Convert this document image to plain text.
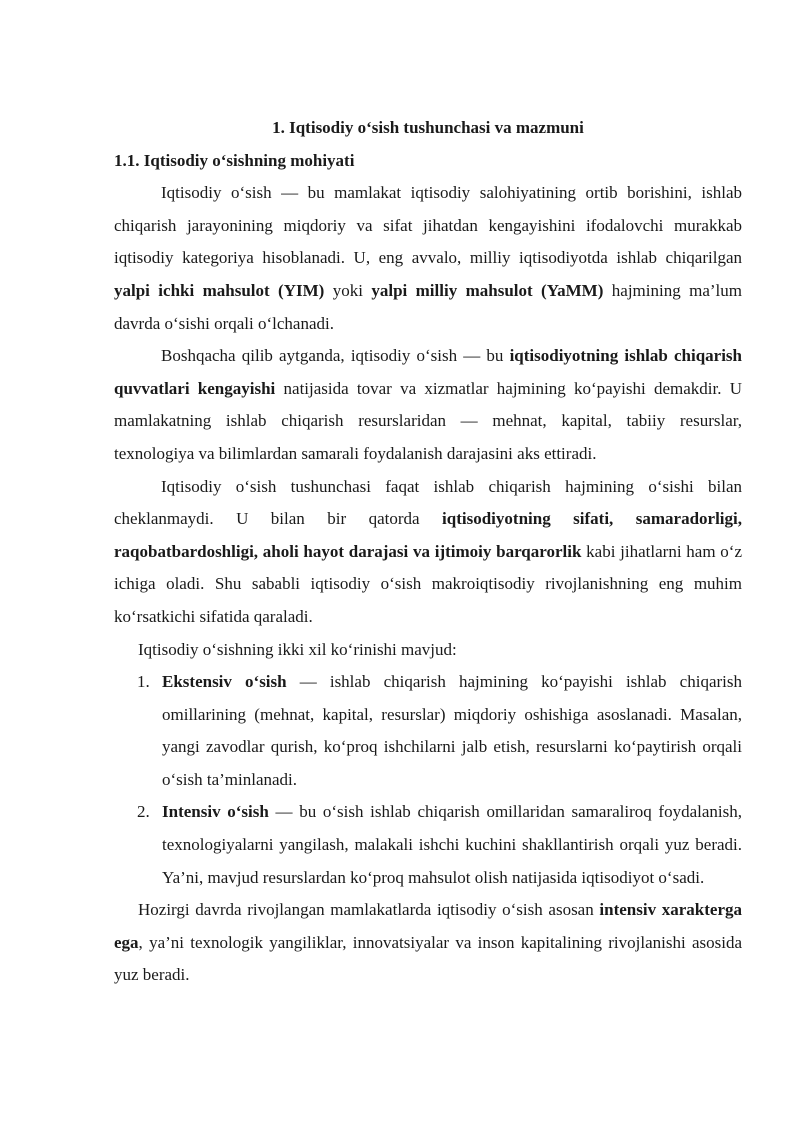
1. Iqtisodiy o‘sish tushunchasi va mazmuni

1.1. Iqtisodiy o‘sishning mohiyati

Iqtisodiy o‘sish — bu mamlakat iqtisodiy salohiyatining ortib borishini, ishlab chiqarish jarayonining miqdoriy va sifat jihatdan kengayishini ifodalovchi murakkab iqtisodiy kategoriya hisoblanadi. U, eng avvalo, milliy iqtisodiyotda ishlab chiqarilgan yalpi ichki mahsulot (YIM) yoki yalpi milliy mahsulot (YaMM) hajmining ma’lum davrda o‘sishi orqali o‘lchanadi.

Boshqacha qilib aytganda, iqtisodiy o‘sish — bu iqtisodiyotning ishlab chiqarish quvvatlari kengayishi natijasida tovar va xizmatlar hajmining ko‘payishi demakdir. U mamlakatning ishlab chiqarish resurslaridan — mehnat, kapital, tabiiy resurslar, texnologiya va bilimlardan samarali foydalanish darajasini aks ettiradi.

Iqtisodiy o‘sish tushunchasi faqat ishlab chiqarish hajmining o‘sishi bilan cheklanmaydi. U bilan bir qatorda iqtisodiyotning sifati, samaradorligi, raqobatbardoshligi, aholi hayot darajasi va ijtimoiy barqarorlik kabi jihatlarni ham o‘z ichiga oladi. Shu sababli iqtisodiy o‘sish makroiqtisodiy rivojlanishning eng muhim ko‘rsatkichi sifatida qaraladi.

Iqtisodiy o‘sishning ikki xil ko‘rinishi mavjud:

1. Ekstensiv o‘sish — ishlab chiqarish hajmining ko‘payishi ishlab chiqarish omillarining (mehnat, kapital, resurslar) miqdoriy oshishiga asoslanadi. Masalan, yangi zavodlar qurish, ko‘proq ishchilarni jalb etish, resurslarni ko‘paytirish orqali o‘sish ta’minlanadi.
2. Intensiv o‘sish — bu o‘sish ishlab chiqarish omillaridan samaraliroq foydalanish, texnologiyalarni yangilash, malakali ishchi kuchini shakllantirish orqali yuz beradi. Ya’ni, mavjud resurslardan ko‘proq mahsulot olish natijasida iqtisodiyot o‘sadi.

Hozirgi davrda rivojlangan mamlakatlarda iqtisodiy o‘sish asosan intensiv xarakterga ega, ya’ni texnologik yangiliklar, innovatsiyalar va inson kapitalining rivojlanishi asosida yuz beradi.
